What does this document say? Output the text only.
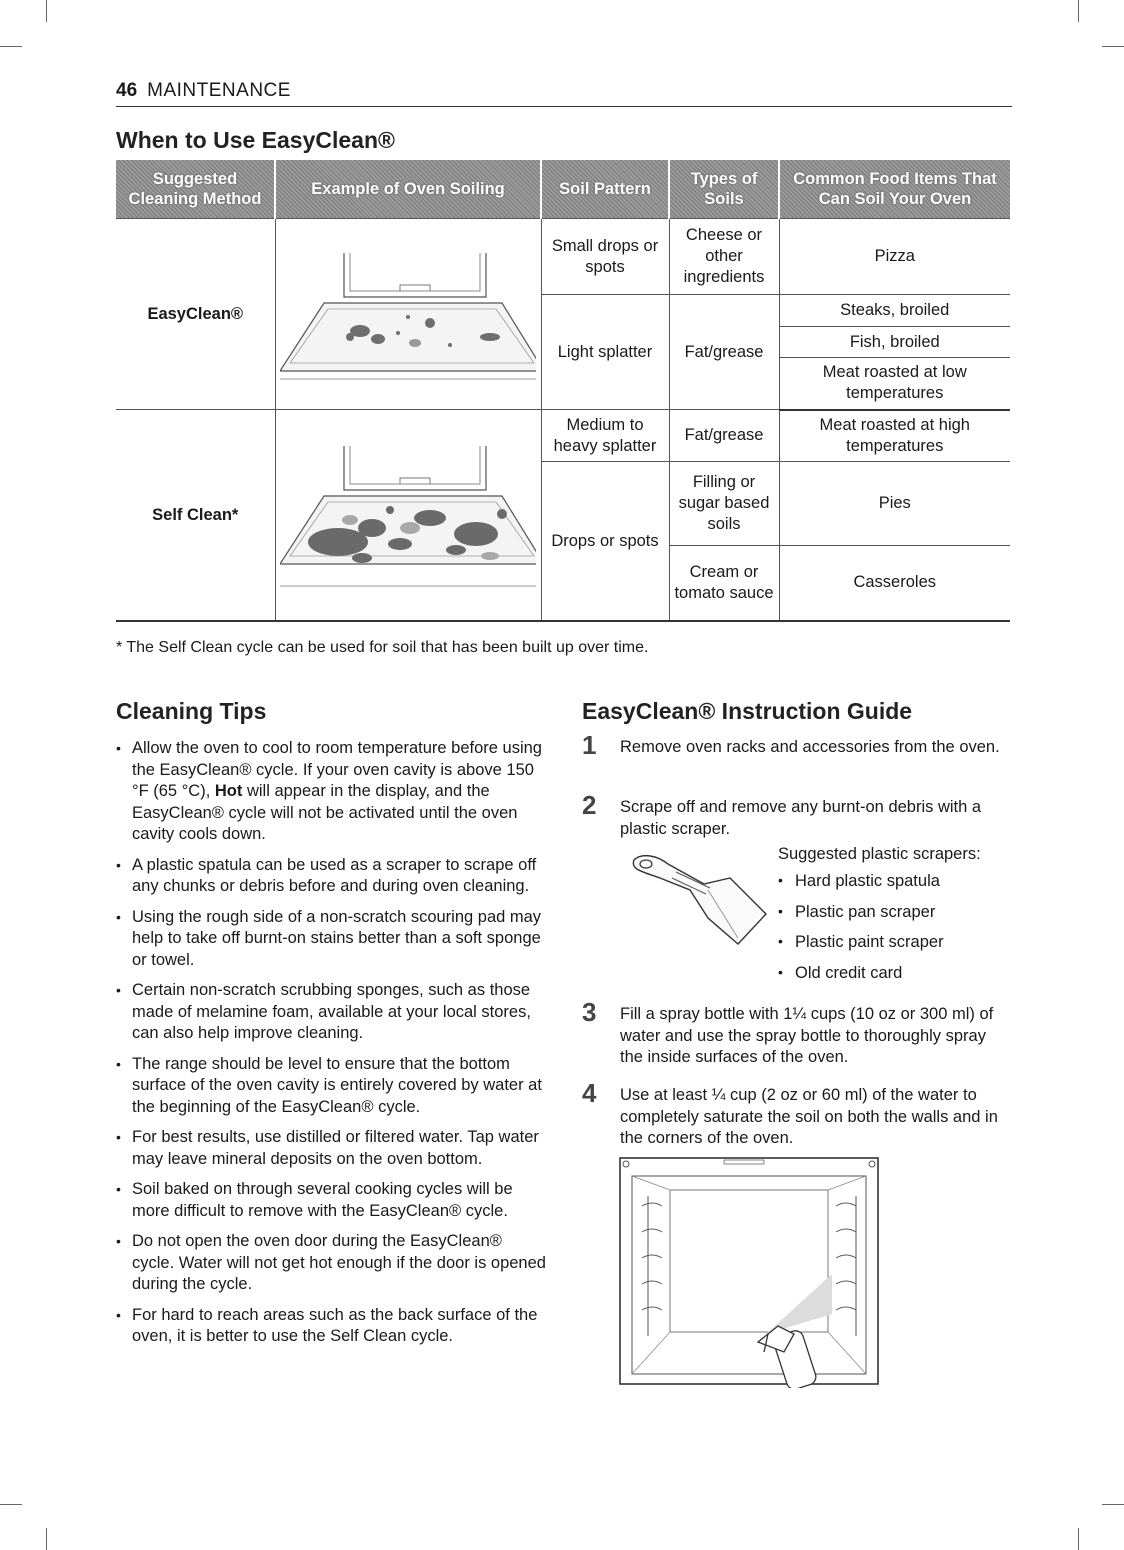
46 MAINTENANCE
When to Use EasyClean®
Suggested Cleaning Method	Example of Oven Soiling	Soil Pattern	Types of Soils	Common Food Items That Can Soil Your Oven
EasyClean®		Small drops or spots	Cheese or other ingredients	Pizza
		Light splatter	Fat/grease	Steaks, broiled
				Fish, broiled
				Meat roasted at low temperatures
Self Clean*		Medium to heavy splatter	Fat/grease	Meat roasted at high temperatures
		Drops or spots	Filling or sugar based soils	Pies
			Cream or tomato sauce	Casseroles
* The Self Clean cycle can be used for soil that has been built up over time.
Cleaning Tips
• Allow the oven to cool to room temperature before using the EasyClean® cycle. If your oven cavity is above 150 °F (65 °C), Hot will appear in the display, and the EasyClean® cycle will not be activated until the oven cavity cools down.
• A plastic spatula can be used as a scraper to scrape off any chunks or debris before and during oven cleaning.
• Using the rough side of a non-scratch scouring pad may help to take off burnt-on stains better than a soft sponge or towel.
• Certain non-scratch scrubbing sponges, such as those made of melamine foam, available at your local stores, can also help improve cleaning.
• The range should be level to ensure that the bottom surface of the oven cavity is entirely covered by water at the beginning of the EasyClean® cycle.
• For best results, use distilled or filtered water. Tap water may leave mineral deposits on the oven bottom.
• Soil baked on through several cooking cycles will be more difficult to remove with the EasyClean® cycle.
• Do not open the oven door during the EasyClean® cycle. Water will not get hot enough if the door is opened during the cycle.
• For hard to reach areas such as the back surface of the oven, it is better to use the Self Clean cycle.
EasyClean® Instruction Guide
1 Remove oven racks and accessories from the oven.
2 Scrape off and remove any burnt-on debris with a plastic scraper.
Suggested plastic scrapers:
• Hard plastic spatula
• Plastic pan scraper
• Plastic paint scraper
• Old credit card
3 Fill a spray bottle with 1¼ cups (10 oz or 300 ml) of water and use the spray bottle to thoroughly spray the inside surfaces of the oven.
4 Use at least ¼ cup (2 oz or 60 ml) of the water to completely saturate the soil on both the walls and in the corners of the oven.
